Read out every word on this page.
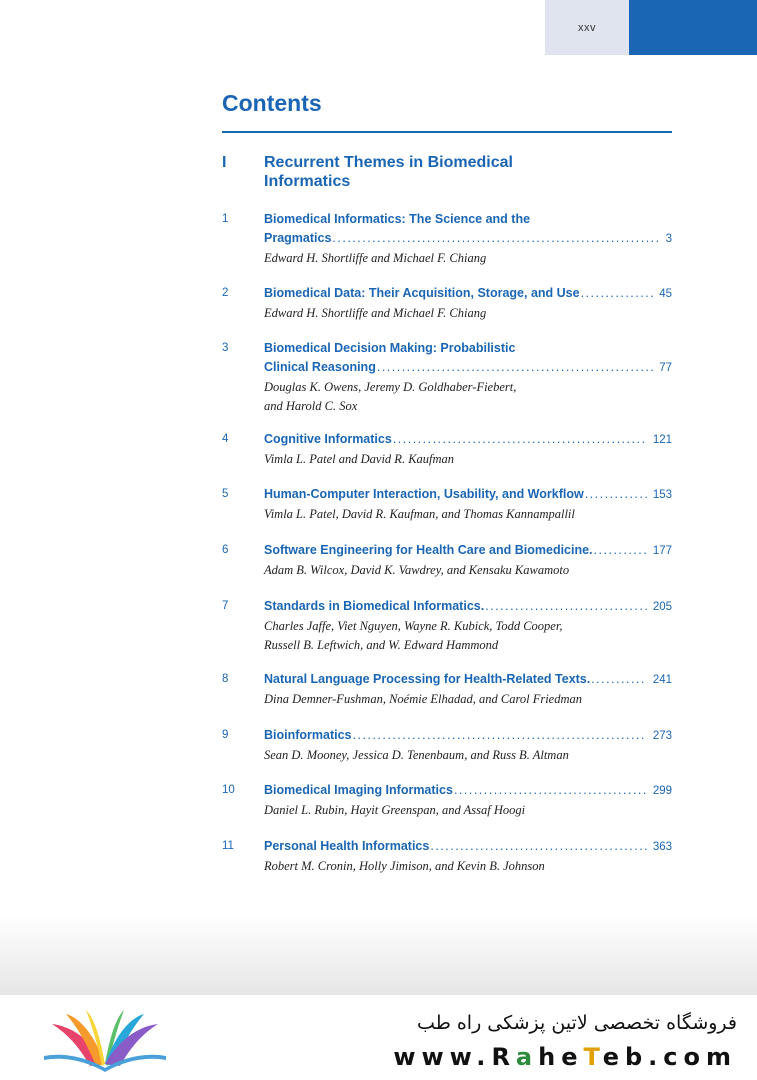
xxv
Contents
I Recurrent Themes in Biomedical Informatics
1	Biomedical Informatics: The Science and the
Pragmatics .....	3
Edward H. Shortliffe and Michael F. Chiang
2	Biomedical Data: Their Acquisition, Storage, and Use .....	45
Edward H. Shortliffe and Michael F. Chiang
3	Biomedical Decision Making: Probabilistic
Clinical Reasoning .....	77
Douglas K. Owens, Jeremy D. Goldhaber-Fiebert,
and Harold C. Sox
4	Cognitive Informatics .....	121
Vimla L. Patel and David R. Kaufman
5	Human-Computer Interaction, Usability, and Workflow .....	153
Vimla L. Patel, David R. Kaufman, and Thomas Kannampallil
6	Software Engineering for Health Care and Biomedicine. .....	177
Adam B. Wilcox, David K. Vawdrey, and Kensaku Kawamoto
7	Standards in Biomedical Informatics. .....	205
Charles Jaffe, Viet Nguyen, Wayne R. Kubick, Todd Cooper,
Russell B. Leftwich, and W. Edward Hammond
8	Natural Language Processing for Health-Related Texts. .....	241
Dina Demner-Fushman, Noémie Elhadad, and Carol Friedman
9	Bioinformatics .....	273
Sean D. Mooney, Jessica D. Tenenbaum, and Russ B. Altman
10 Biomedical Imaging Informatics .....	299
Daniel L. Rubin, Hayit Greenspan, and Assaf Hoogi
11 Personal Health Informatics .....	363
Robert M. Cronin, Holly Jimison, and Kevin B. Johnson
فروشگاه تخصصی لاتین پزشکی راه طب
www.RaheTeb.com
